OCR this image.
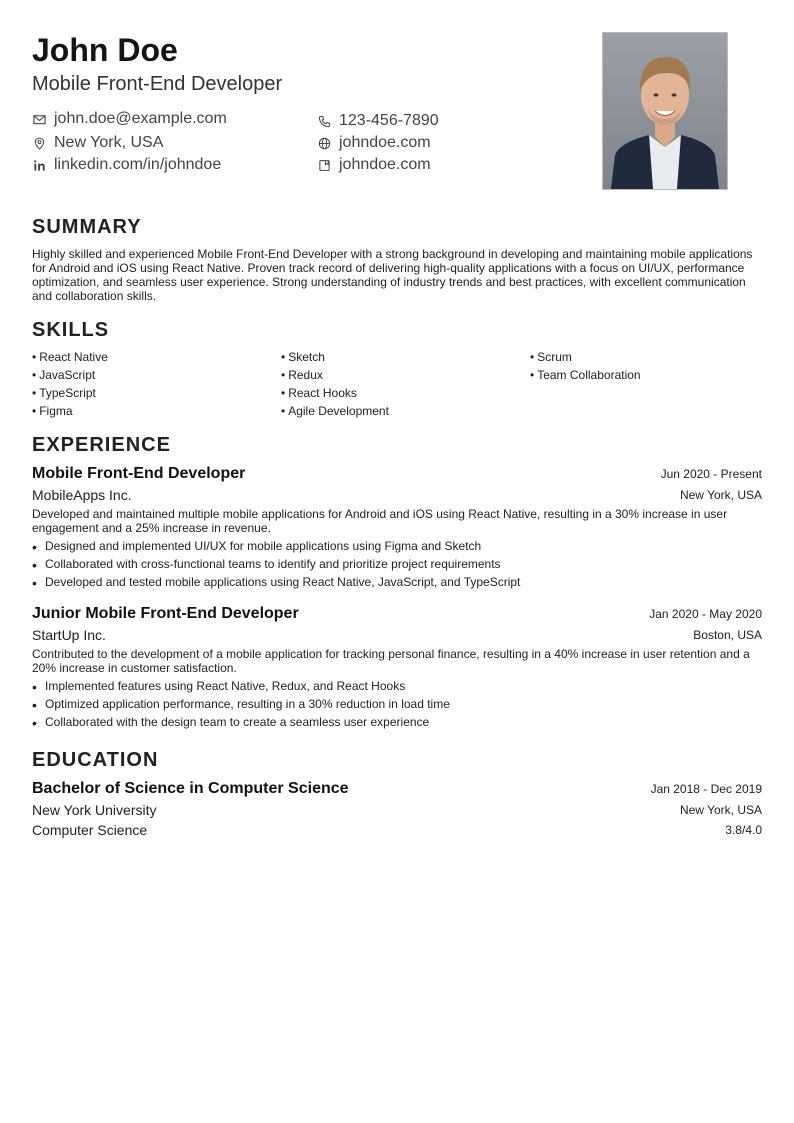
John Doe
Mobile Front-End Developer
john.doe@example.com	123-456-7890
New York, USA	johndoe.com
linkedin.com/in/johndoe	johndoe.com
SUMMARY
Highly skilled and experienced Mobile Front-End Developer with a strong background in developing and maintaining mobile applications for Android and iOS using React Native. Proven track record of delivering high-quality applications with a focus on UI/UX, performance optimization, and seamless user experience. Strong understanding of industry trends and best practices, with excellent communication and collaboration skills.
SKILLS
• React Native
• JavaScript
• TypeScript
• Figma
• Sketch
• Redux
• React Hooks
• Agile Development
• Scrum
• Team Collaboration
EXPERIENCE
Mobile Front-End Developer	Jun 2020 - Present
MobileApps Inc.	New York, USA
Developed and maintained multiple mobile applications for Android and iOS using React Native, resulting in a 30% increase in user engagement and a 25% increase in revenue.
• Designed and implemented UI/UX for mobile applications using Figma and Sketch
• Collaborated with cross-functional teams to identify and prioritize project requirements
• Developed and tested mobile applications using React Native, JavaScript, and TypeScript
Junior Mobile Front-End Developer	Jan 2020 - May 2020
StartUp Inc.	Boston, USA
Contributed to the development of a mobile application for tracking personal finance, resulting in a 40% increase in user retention and a 20% increase in customer satisfaction.
• Implemented features using React Native, Redux, and React Hooks
• Optimized application performance, resulting in a 30% reduction in load time
• Collaborated with the design team to create a seamless user experience
EDUCATION
Bachelor of Science in Computer Science	Jan 2018 - Dec 2019
New York University	New York, USA
Computer Science	3.8/4.0
